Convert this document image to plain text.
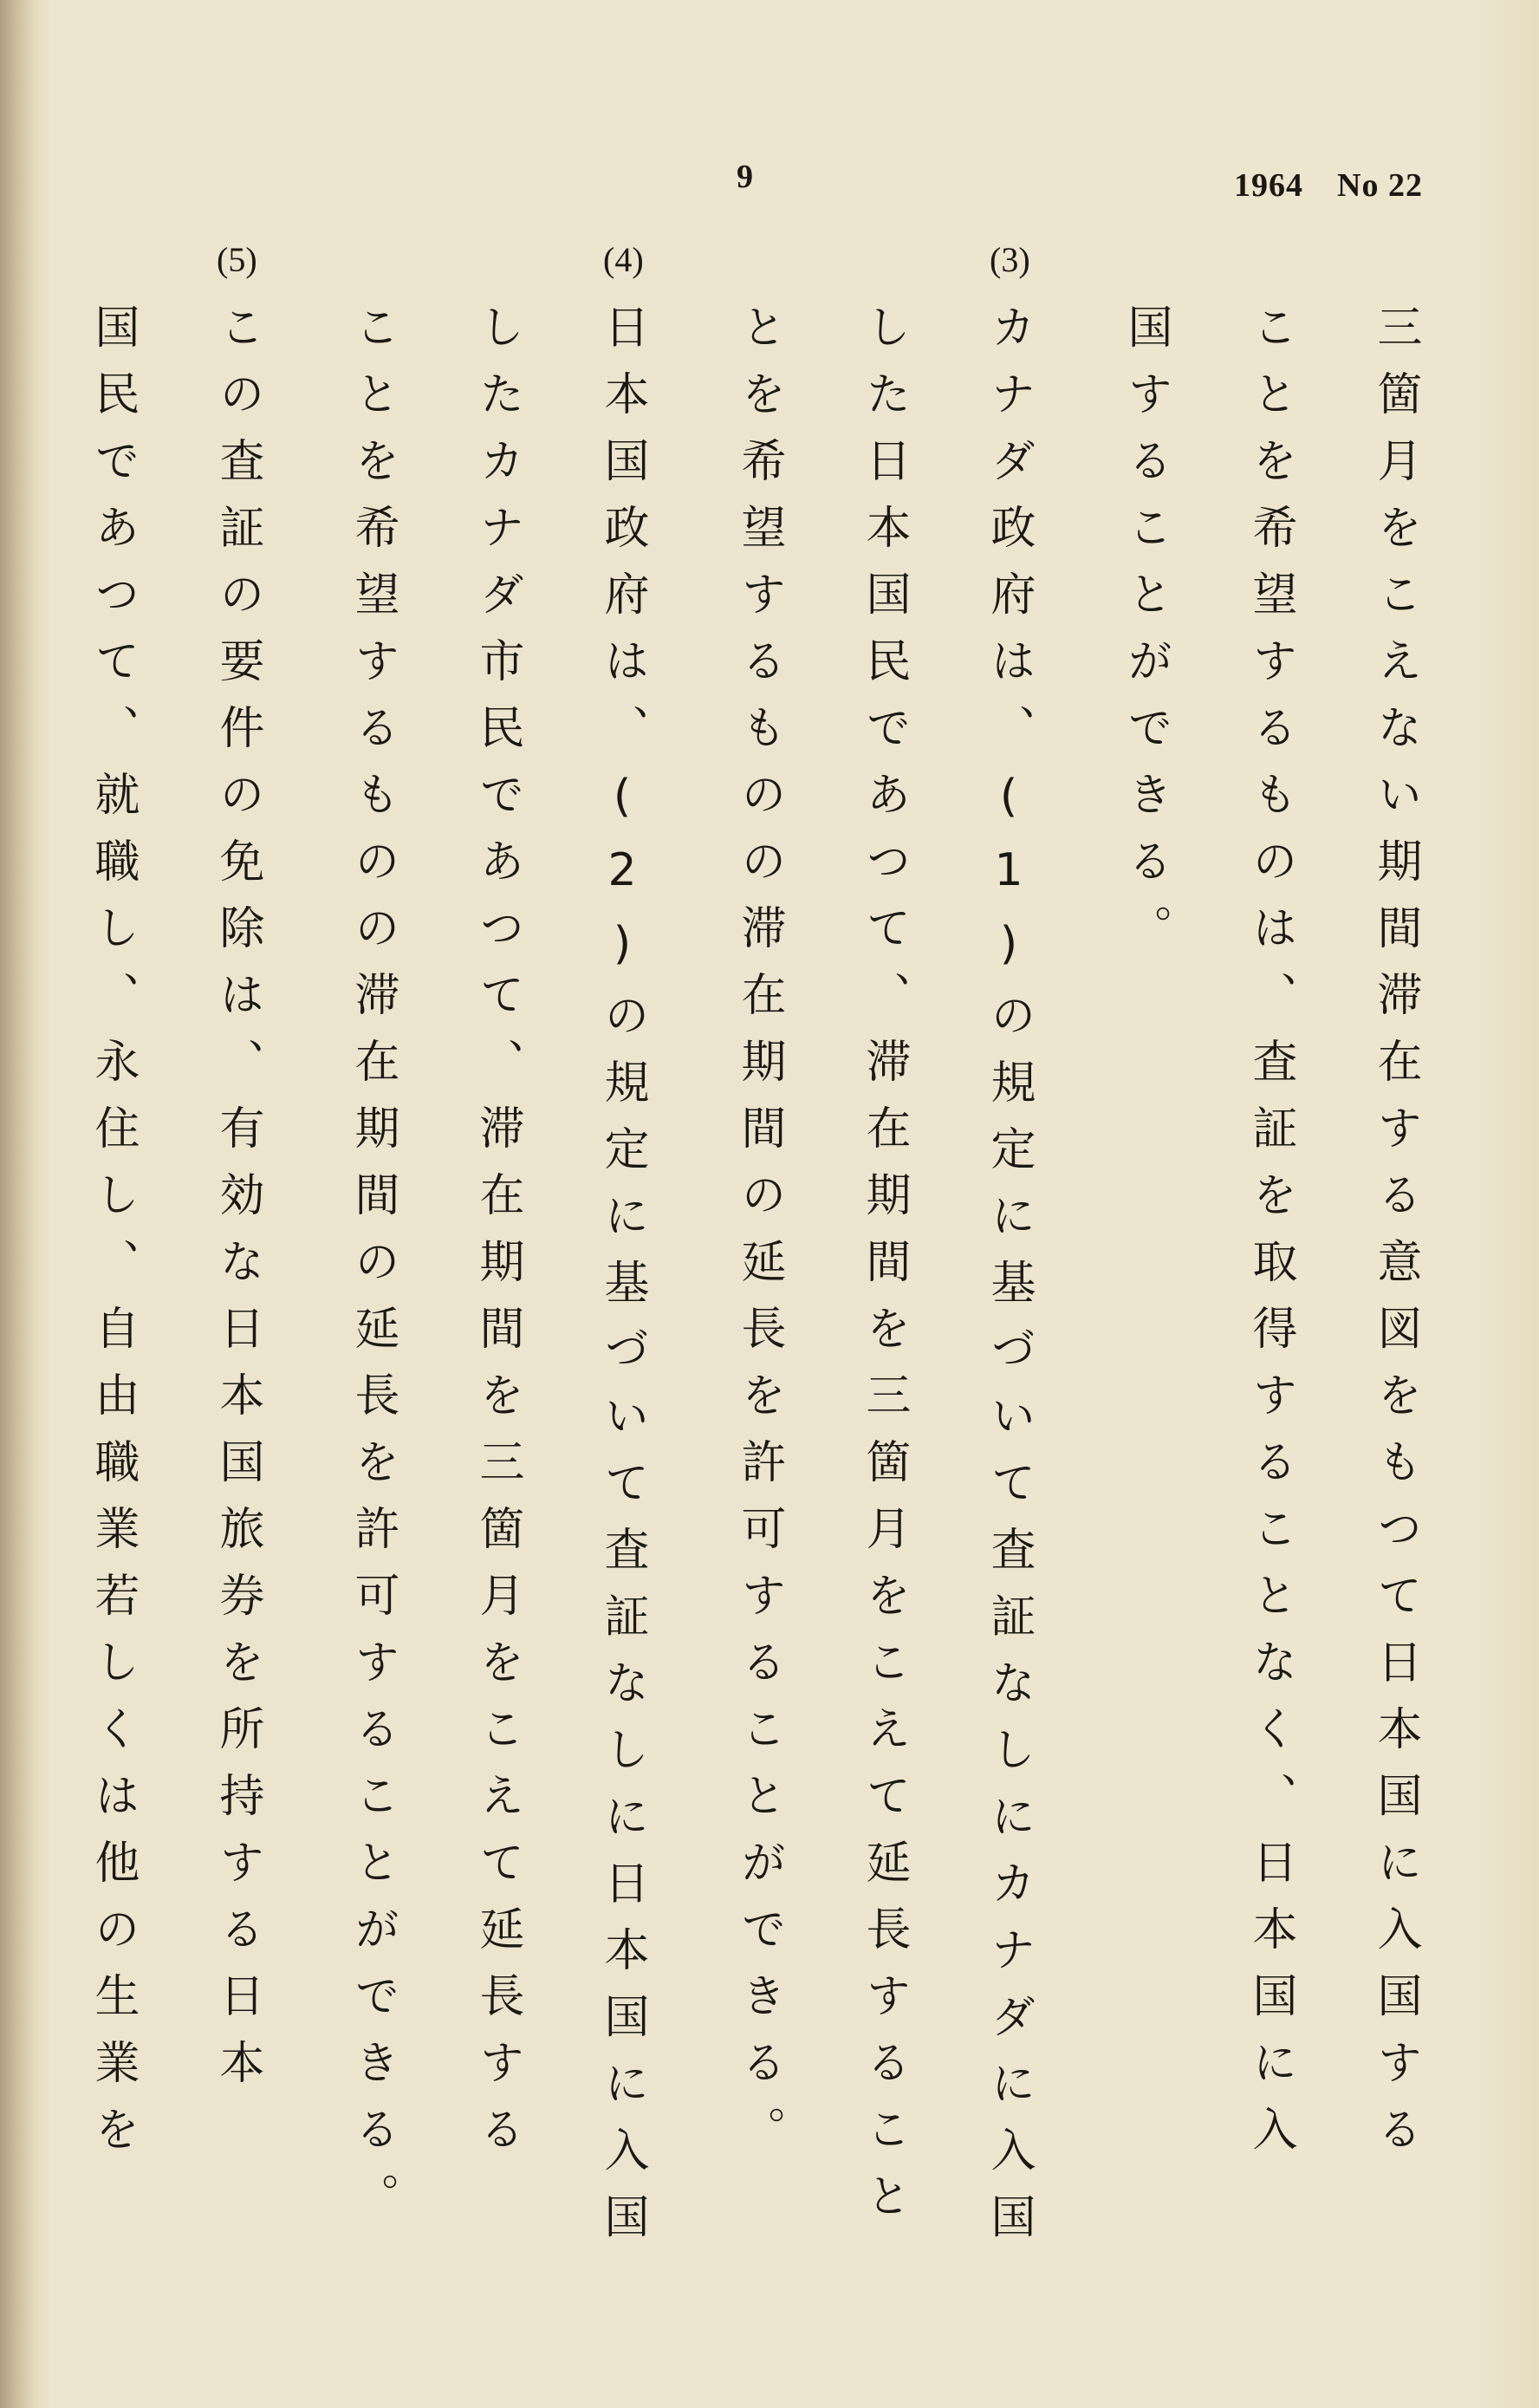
9	1964　No 22
三箇月をこえない期間滞在する意図をもつて日本国に入国する
ことを希望するものは、査証を取得することなく、日本国に入
国することができる。
(3)
カナダ政府は、(1)の規定に基づいて査証なしにカナダに入国
した日本国民であつて、滞在期間を三箇月をこえて延長すること
とを希望するものの滞在期間の延長を許可することができる。
(4)
日本国政府は、(2)の規定に基づいて査証なしに日本国に入国
したカナダ市民であつて、滞在期間を三箇月をこえて延長する
ことを希望するものの滞在期間の延長を許可することができる。
(5)
この査証の要件の免除は、有効な日本国旅券を所持する日本
国民であつて、就職し、永住し、自由職業若しくは他の生業を
